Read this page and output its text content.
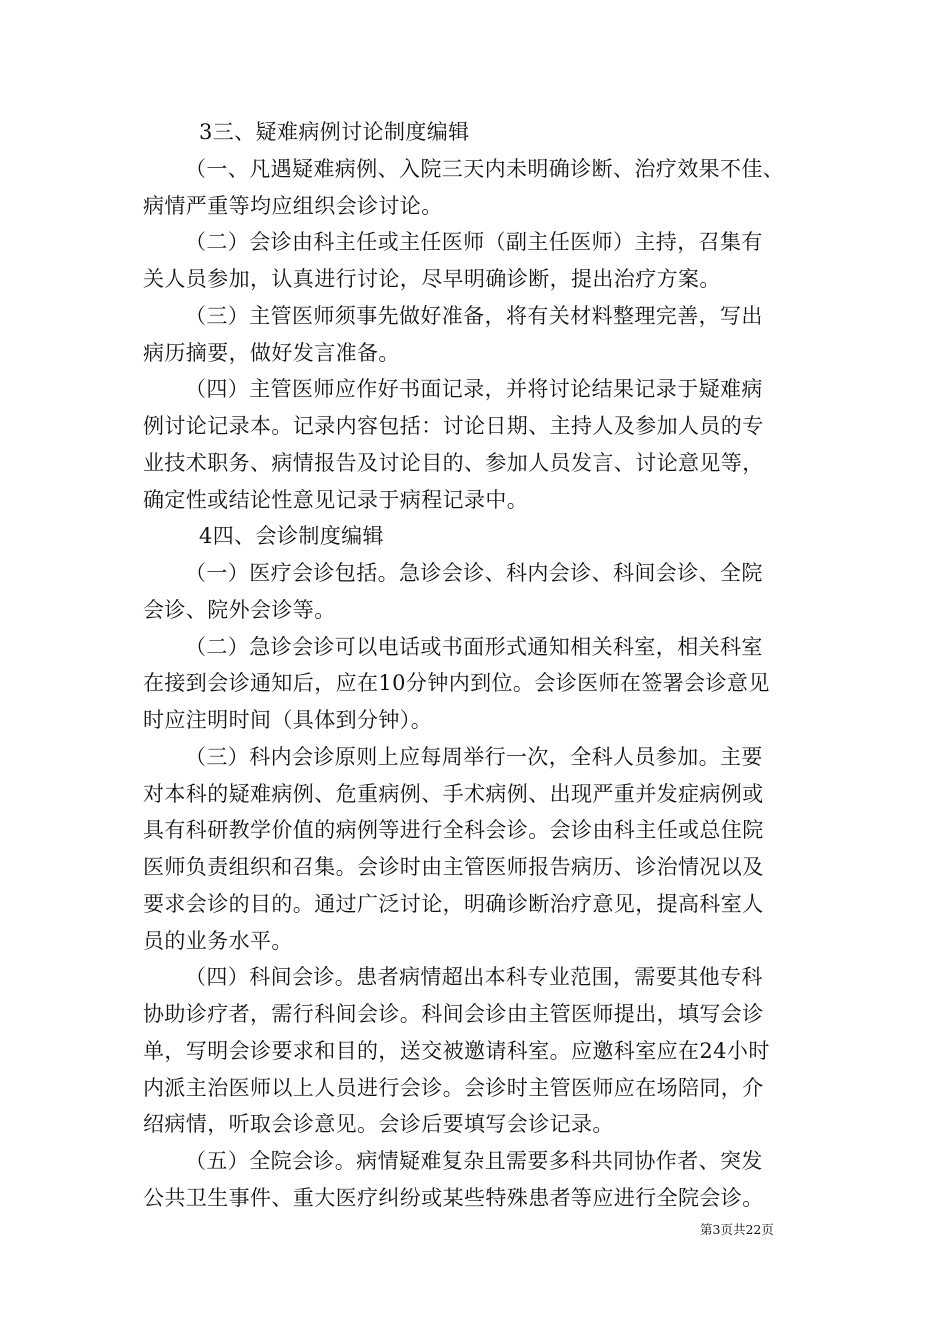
3三、疑难病例讨论制度编辑
（一、凡遇疑难病例、入院三天内未明确诊断、治疗效果不佳、
病情严重等均应组织会诊讨论。
（二）会诊由科主任或主任医师（副主任医师）主持，召集有
关人员参加，认真进行讨论，尽早明确诊断，提出治疗方案。
（三）主管医师须事先做好准备，将有关材料整理完善，写出
病历摘要，做好发言准备。
（四）主管医师应作好书面记录，并将讨论结果记录于疑难病
例讨论记录本。记录内容包括：讨论日期、主持人及参加人员的专
业技术职务、病情报告及讨论目的、参加人员发言、讨论意见等，
确定性或结论性意见记录于病程记录中。
4四、会诊制度编辑
（一）医疗会诊包括。急诊会诊、科内会诊、科间会诊、全院
会诊、院外会诊等。
（二）急诊会诊可以电话或书面形式通知相关科室，相关科室
在接到会诊通知后，应在10分钟内到位。会诊医师在签署会诊意见
时应注明时间（具体到分钟）。
（三）科内会诊原则上应每周举行一次，全科人员参加。主要
对本科的疑难病例、危重病例、手术病例、出现严重并发症病例或
具有科研教学价值的病例等进行全科会诊。会诊由科主任或总住院
医师负责组织和召集。会诊时由主管医师报告病历、诊治情况以及
要求会诊的目的。通过广泛讨论，明确诊断治疗意见，提高科室人
员的业务水平。
（四）科间会诊。患者病情超出本科专业范围，需要其他专科
协助诊疗者，需行科间会诊。科间会诊由主管医师提出，填写会诊
单，写明会诊要求和目的，送交被邀请科室。应邀科室应在24小时
内派主治医师以上人员进行会诊。会诊时主管医师应在场陪同，介
绍病情，听取会诊意见。会诊后要填写会诊记录。
（五）全院会诊。病情疑难复杂且需要多科共同协作者、突发
公共卫生事件、重大医疗纠纷或某些特殊患者等应进行全院会诊。
第3页共22页
